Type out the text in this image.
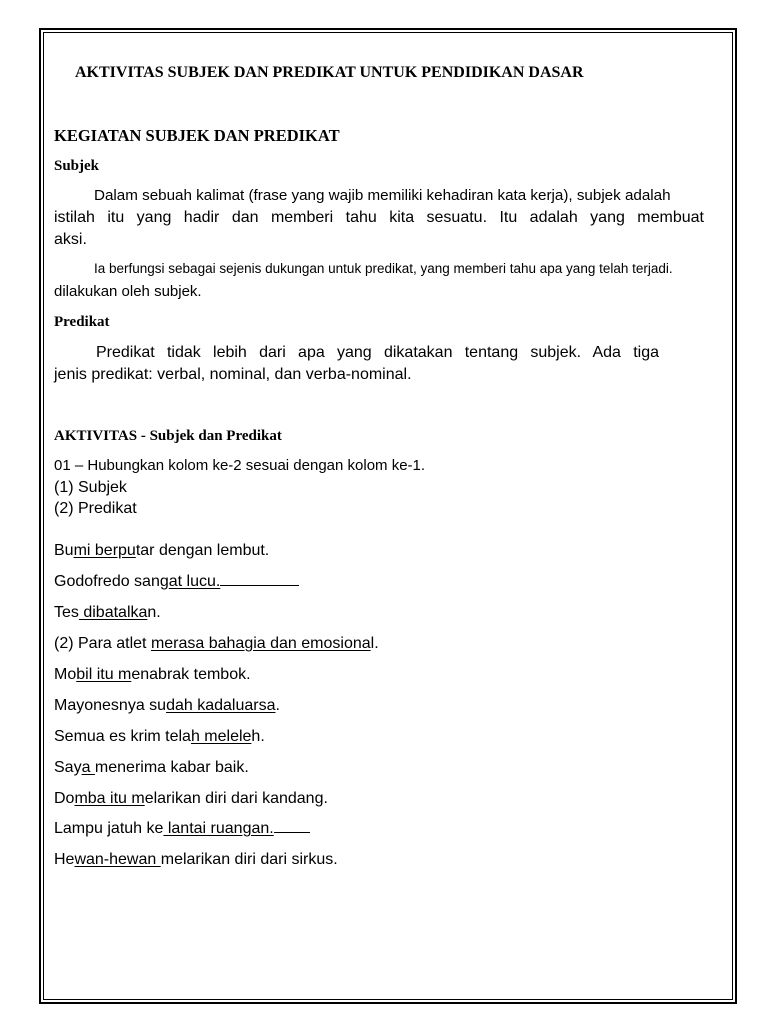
AKTIVITAS SUBJEK DAN PREDIKAT UNTUK PENDIDIKAN DASAR
KEGIATAN SUBJEK DAN PREDIKAT
Subjek
Dalam sebuah kalimat (frase yang wajib memiliki kehadiran kata kerja), subjek adalah
istilah itu yang hadir dan memberi tahu kita sesuatu. Itu adalah yang membuat
aksi.
Ia berfungsi sebagai sejenis dukungan untuk predikat, yang memberi tahu apa yang telah terjadi.
dilakukan oleh subjek.
Predikat
Predikat tidak lebih dari apa yang dikatakan tentang subjek. Ada tiga
jenis predikat: verbal, nominal, dan verba-nominal.
AKTIVITAS - Subjek dan Predikat
01 – Hubungkan kolom ke-2 sesuai dengan kolom ke-1.
(1) Subjek
(2) Predikat
Bumi berputar dengan lembut.
Godofredo sangat lucu.
Tes dibatalkan.
(2) Para atlet merasa bahagia dan emosional.
Mobil itu menabrak tembok.
Mayonesnya sudah kadaluarsa.
Semua es krim telah meleleh.
Saya menerima kabar baik.
Domba itu melarikan diri dari kandang.
Lampu jatuh ke lantai ruangan.
Hewan-hewan melarikan diri dari sirkus.
